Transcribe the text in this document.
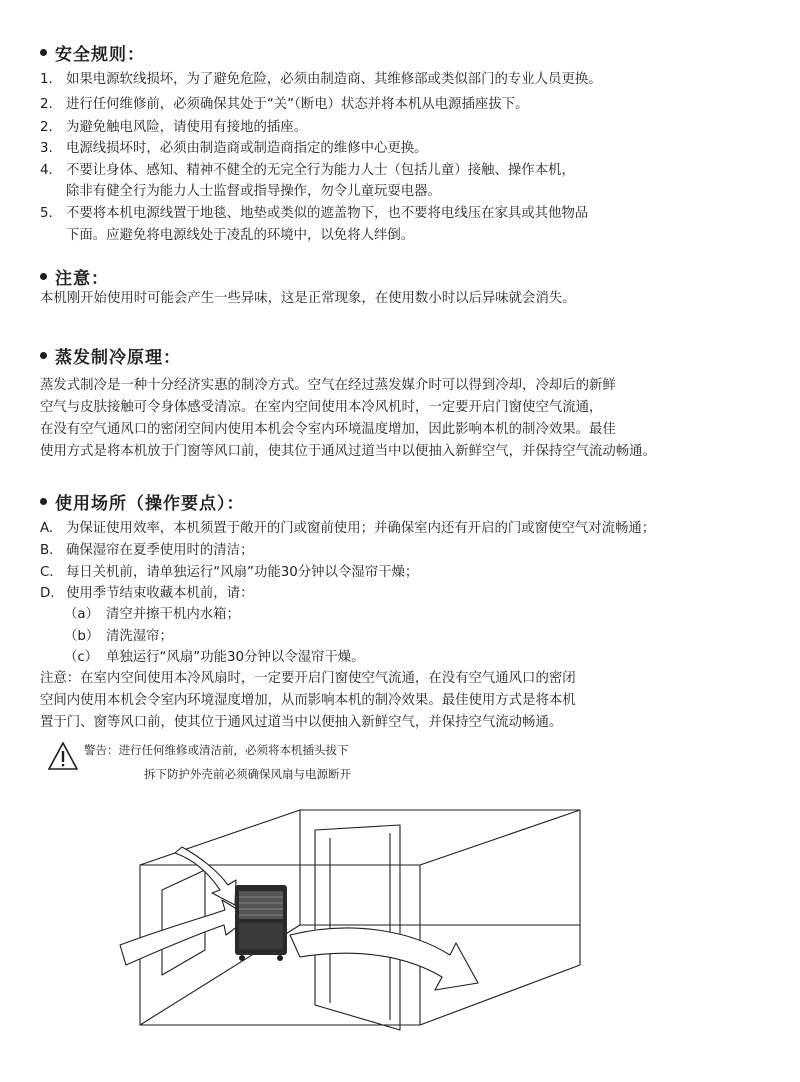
安全规则：
1. 如果电源软线损坏，为了避免危险，必须由制造商、其维修部或类似部门的专业人员更换。
2. 进行任何维修前，必须确保其处于“关”（断电）状态并将本机从电源插座拔下。
2. 为避免触电风险，请使用有接地的插座。
3. 电源线损坏时，必须由制造商或制造商指定的维修中心更换。
4. 不要让身体、感知、精神不健全的无完全行为能力人士（包括儿童）接触、操作本机，
除非有健全行为能力人士监督或指导操作，勿令儿童玩耍电器。
5. 不要将本机电源线置于地毯、地垫或类似的遮盖物下，也不要将电线压在家具或其他物品
下面。应避免将电源线处于凌乱的环境中，以免将人绊倒。
注意：
本机刚开始使用时可能会产生一些异味，这是正常现象，在使用数小时以后异味就会消失。
蒸发制冷原理：
蒸发式制冷是一种十分经济实惠的制冷方式。空气在经过蒸发媒介时可以得到冷却，冷却后的新鲜
空气与皮肤接触可令身体感受清凉。在室内空间使用本冷风机时，一定要开启门窗使空气流通，
在没有空气通风口的密闭空间内使用本机会令室内环境温度增加，因此影响本机的制冷效果。最佳
使用方式是将本机放于门窗等风口前，使其位于通风过道当中以便抽入新鲜空气，并保持空气流动畅通。
使用场所（操作要点）：
A. 为保证使用效率，本机须置于敞开的门或窗前使用；并确保室内还有开启的门或窗使空气对流畅通；
B. 确保湿帘在夏季使用时的清洁；
C. 每日关机前，请单独运行“风扇”功能30分钟以令湿帘干燥；
D. 使用季节结束收藏本机前，请：
（a） 清空并擦干机内水箱；
（b） 清洗湿帘；
（c） 单独运行“风扇”功能30分钟以令湿帘干燥。
注意：在室内空间使用本冷风扇时，一定要开启门窗使空气流通，在没有空气通风口的密闭
空间内使用本机会令室内环境湿度增加，从而影响本机的制冷效果。最佳使用方式是将本机
置于门、窗等风口前，使其位于通风过道当中以便抽入新鲜空气，并保持空气流动畅通。
警告：进行任何维修或清洁前，必须将本机插头拔下
拆下防护外壳前必须确保风扇与电源断开
